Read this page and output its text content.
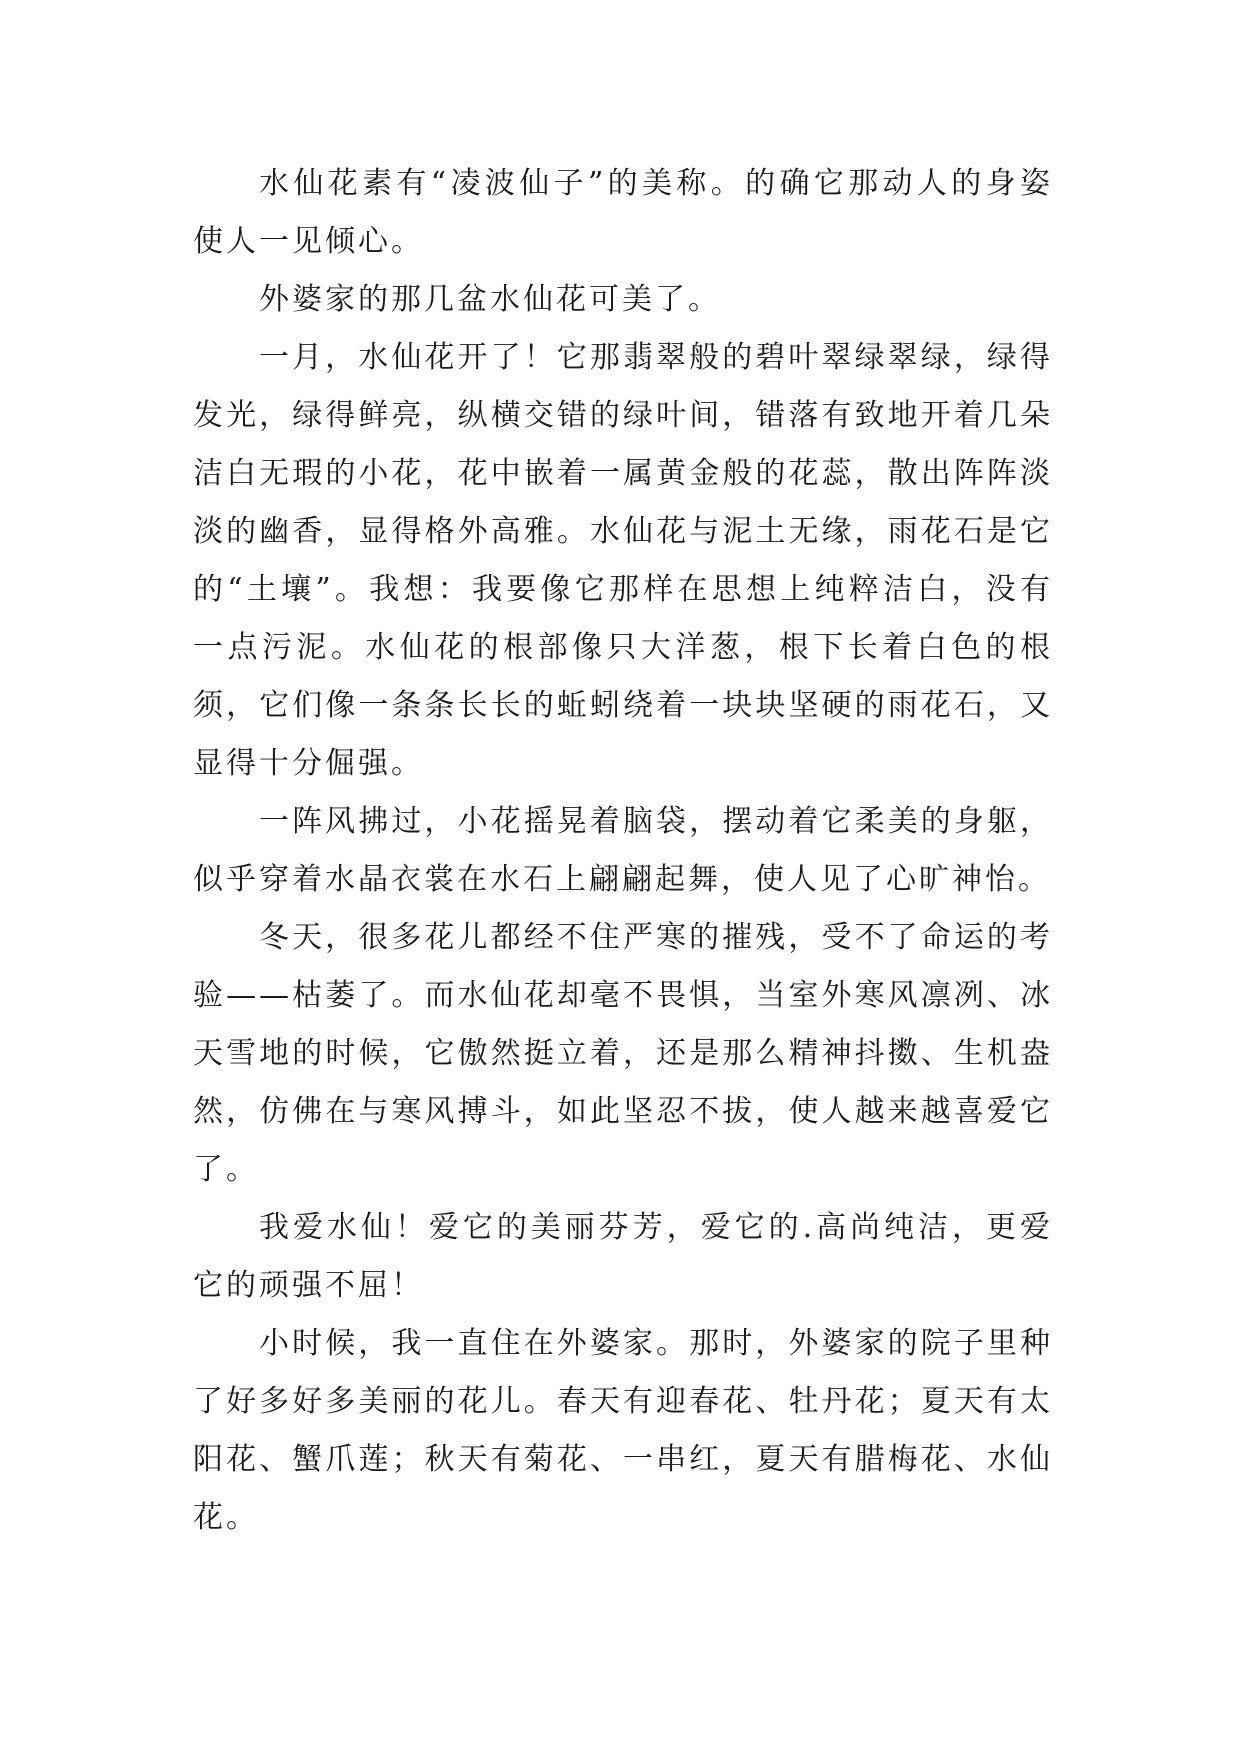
水仙花素有“凌波仙子”的美称。的确它那动人的身姿使人一见倾心。

外婆家的那几盆水仙花可美了。

一月，水仙花开了！它那翡翠般的碧叶翠绿翠绿，绿得发光，绿得鲜亮，纵横交错的绿叶间，错落有致地开着几朵洁白无瑕的小花，花中嵌着一属黄金般的花蕊，散出阵阵淡淡的幽香，显得格外高雅。水仙花与泥土无缘，雨花石是它的“土壤”。我想：我要像它那样在思想上纯粹洁白，没有一点污泥。水仙花的根部像只大洋葱，根下长着白色的根须，它们像一条条长长的蚯蚓绕着一块块坚硬的雨花石，又显得十分倔强。

一阵风拂过，小花摇晃着脑袋，摆动着它柔美的身躯，似乎穿着水晶衣裳在水石上翩翩起舞，使人见了心旷神怡。

冬天，很多花儿都经不住严寒的摧残，受不了命运的考验——枯萎了。而水仙花却毫不畏惧，当室外寒风凛冽、冰天雪地的时候，它傲然挺立着，还是那么精神抖擞、生机盎然，仿佛在与寒风搏斗，如此坚忍不拔，使人越来越喜爱它了。

我爱水仙！爱它的美丽芬芳，爱它的.高尚纯洁，更爱它的顽强不屈！

小时候，我一直住在外婆家。那时，外婆家的院子里种了好多好多美丽的花儿。春天有迎春花、牡丹花；夏天有太阳花、蟹爪莲；秋天有菊花、一串红，夏天有腊梅花、水仙花。
